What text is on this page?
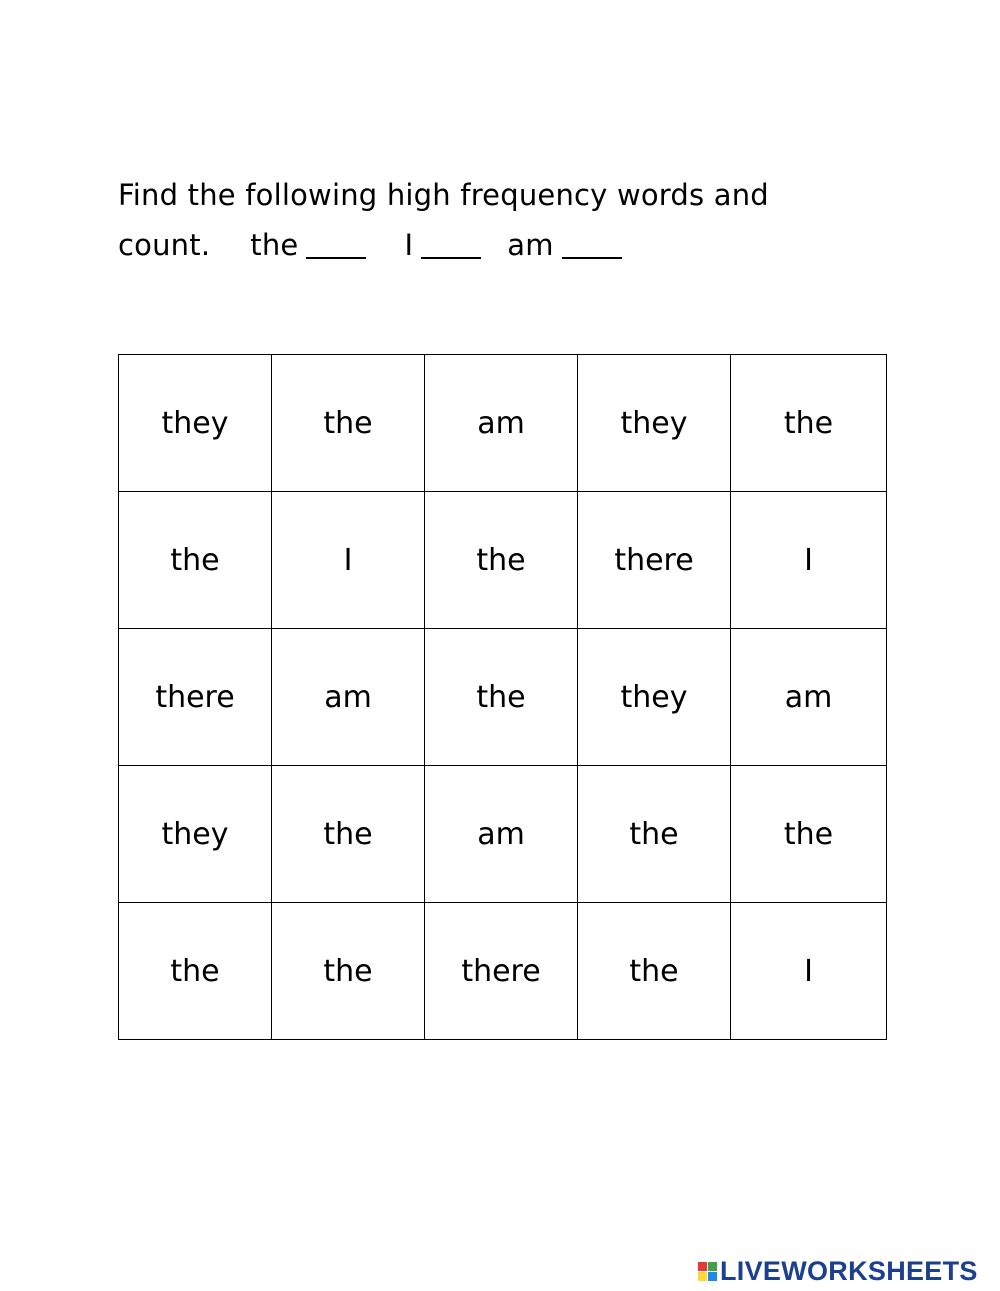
Find the following high frequency words and
count. the	I	am
they	the	am	they	the
the	I	the	there	I
there	am	the	they	am
they	the	am	the	the
the	the	there	the	I
LIVEWORKSHEETS
